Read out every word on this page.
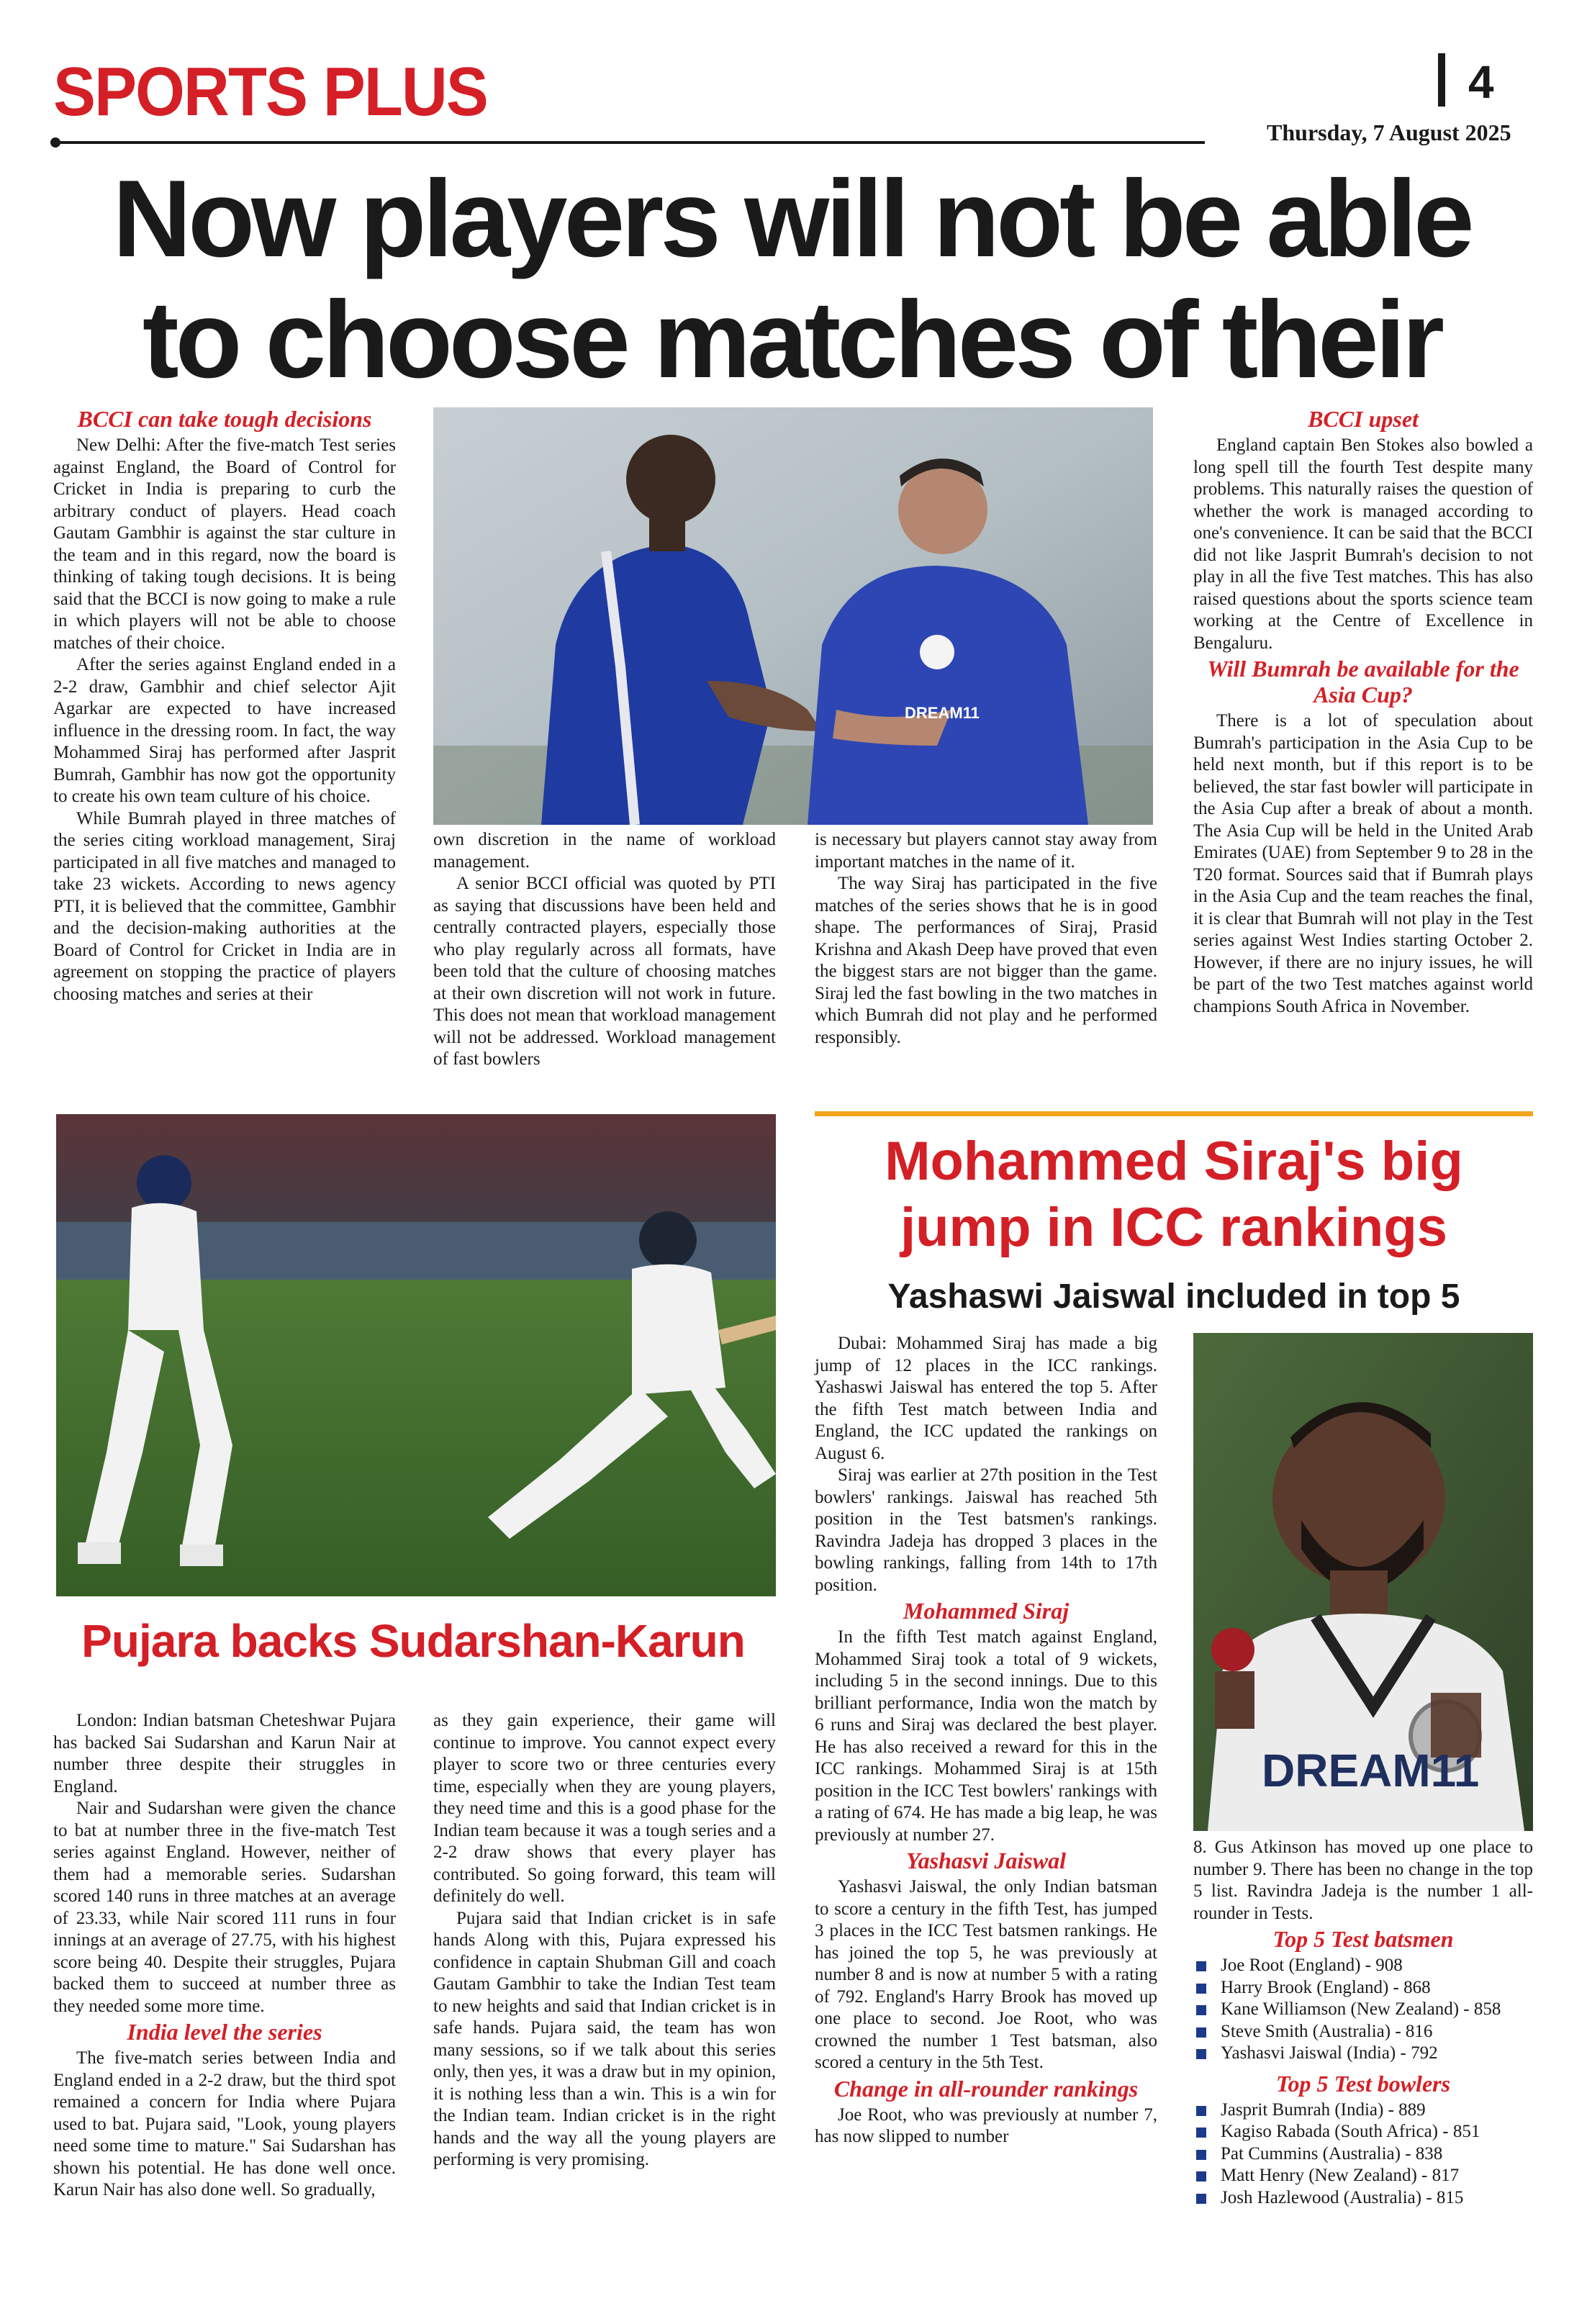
SPORTS PLUS	4
Thursday, 7 August 2025
Now players will not be able to choose matches of their
BCCI can take tough decisions

New Delhi: After the five-match Test series against England, the Board of Control for Cricket in India is preparing to curb the arbitrary conduct of players. Head coach Gautam Gambhir is against the star culture in the team and in this regard, now the board is thinking of taking tough decisions. It is being said that the BCCI is now going to make a rule in which players will not be able to choose matches of their choice.

After the series against England ended in a 2-2 draw, Gambhir and chief selector Ajit Agarkar are expected to have increased influence in the dressing room. In fact, the way Mohammed Siraj has performed after Jasprit Bumrah, Gambhir has now got the opportunity to create his own team culture of his choice.

While Bumrah played in three matches of the series citing workload management, Siraj participated in all five matches and managed to take 23 wickets. According to news agency PTI, it is believed that the committee, Gambhir and the decision-making authorities at the Board of Control for Cricket in India are in agreement on stopping the practice of players choosing matches and series at their

DREAM11

own discretion in the name of workload management.

A senior BCCI official was quoted by PTI as saying that discussions have been held and centrally contracted players, especially those who play regularly across all formats, have been told that the culture of choosing matches at their own discretion will not work in future. This does not mean that workload management will not be addressed. Workload management of fast bowlers

is necessary but players cannot stay away from important matches in the name of it.

The way Siraj has participated in the five matches of the series shows that he is in good shape. The performances of Siraj, Prasid Krishna and Akash Deep have proved that even the biggest stars are not bigger than the game. Siraj led the fast bowling in the two matches in which Bumrah did not play and he performed responsibly.

BCCI upset

England captain Ben Stokes also bowled a long spell till the fourth Test despite many problems. This naturally raises the question of whether the work is managed according to one's convenience. It can be said that the BCCI did not like Jasprit Bumrah's decision to not play in all the five Test matches. This has also raised questions about the sports science team working at the Centre of Excellence in Bengaluru.

Will Bumrah be available for the Asia Cup?

There is a lot of speculation about Bumrah's participation in the Asia Cup to be held next month, but if this report is to be believed, the star fast bowler will participate in the Asia Cup after a break of about a month. The Asia Cup will be held in the United Arab Emirates (UAE) from September 9 to 28 in the T20 format. Sources said that if Bumrah plays in the Asia Cup and the team reaches the final, it is clear that Bumrah will not play in the Test series against West Indies starting October 2. However, if there are no injury issues, he will be part of the two Test matches against world champions South Africa in November.

Pujara backs Sudarshan-Karun

London: Indian batsman Cheteshwar Pujara has backed Sai Sudarshan and Karun Nair at number three despite their struggles in England.

Nair and Sudarshan were given the chance to bat at number three in the five-match Test series against England. However, neither of them had a memorable series. Sudarshan scored 140 runs in three matches at an average of 23.33, while Nair scored 111 runs in four innings at an average of 27.75, with his highest score being 40. Despite their struggles, Pujara backed them to succeed at number three as they needed some more time.

India level the series

The five-match series between India and England ended in a 2-2 draw, but the third spot remained a concern for India where Pujara used to bat. Pujara said, "Look, young players need some time to mature." Sai Sudarshan has shown his potential. He has done well once. Karun Nair has also done well. So gradually,

as they gain experience, their game will continue to improve. You cannot expect every player to score two or three centuries every time, especially when they are young players, they need time and this is a good phase for the Indian team because it was a tough series and a 2-2 draw shows that every player has contributed. So going forward, this team will definitely do well.

Pujara said that Indian cricket is in safe hands Along with this, Pujara expressed his confidence in captain Shubman Gill and coach Gautam Gambhir to take the Indian Test team to new heights and said that Indian cricket is in safe hands. Pujara said, the team has won many sessions, so if we talk about this series only, then yes, it was a draw but in my opinion, it is nothing less than a win. This is a win for the Indian team. Indian cricket is in the right hands and the way all the young players are performing is very promising.

Mohammed Siraj's big jump in ICC rankings
Yashaswi Jaiswal included in top 5

Dubai: Mohammed Siraj has made a big jump of 12 places in the ICC rankings. Yashaswi Jaiswal has entered the top 5. After the fifth Test match between India and England, the ICC updated the rankings on August 6.

Siraj was earlier at 27th position in the Test bowlers' rankings. Jaiswal has reached 5th position in the Test batsmen's rankings. Ravindra Jadeja has dropped 3 places in the bowling rankings, falling from 14th to 17th position.

Mohammed Siraj

In the fifth Test match against England, Mohammed Siraj took a total of 9 wickets, including 5 in the second innings. Due to this brilliant performance, India won the match by 6 runs and Siraj was declared the best player. He has also received a reward for this in the ICC rankings. Mohammed Siraj is at 15th position in the ICC Test bowlers' rankings with a rating of 674. He has made a big leap, he was previously at number 27.

Yashasvi Jaiswal

Yashasvi Jaiswal, the only Indian batsman to score a century in the fifth Test, has jumped 3 places in the ICC Test batsmen rankings. He has joined the top 5, he was previously at number 8 and is now at number 5 with a rating of 792. England's Harry Brook has moved up one place to second. Joe Root, who was crowned the number 1 Test batsman, also scored a century in the 5th Test.

Change in all-rounder rankings

Joe Root, who was previously at number 7, has now slipped to number

DREAM11

8. Gus Atkinson has moved up one place to number 9. There has been no change in the top 5 list. Ravindra Jadeja is the number 1 all-rounder in Tests.

Top 5 Test batsmen
Joe Root (England) - 908
Harry Brook (England) - 868
Kane Williamson (New Zealand) - 858
Steve Smith (Australia) - 816
Yashasvi Jaiswal (India) - 792
Top 5 Test bowlers
Jasprit Bumrah (India) - 889
Kagiso Rabada (South Africa) - 851
Pat Cummins (Australia) - 838
Matt Henry (New Zealand) - 817
Josh Hazlewood (Australia) - 815
